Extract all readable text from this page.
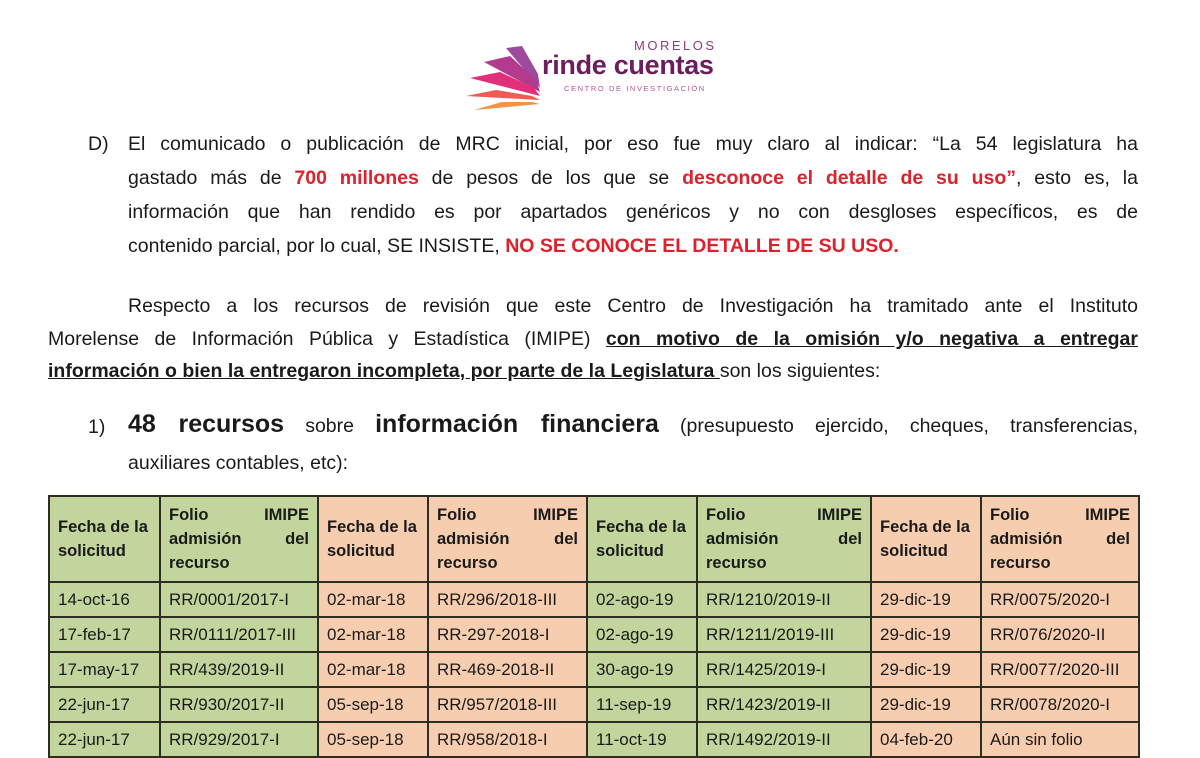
MORELOS
rinde cuentas
CENTRO DE INVESTIGACIÓN
D) El comunicado o publicación de MRC inicial, por eso fue muy claro al indicar: “La 54 legislatura ha
gastado más de 700 millones de pesos de los que se desconoce el detalle de su uso”, esto es, la
información que han rendido es por apartados genéricos y no con desgloses específicos, es de
contenido parcial, por lo cual, SE INSISTE, NO SE CONOCE EL DETALLE DE SU USO.
Respecto a los recursos de revisión que este Centro de Investigación ha tramitado ante el Instituto
Morelense de Información Pública y Estadística (IMIPE) con motivo de la omisión y/o negativa a entregar
información o bien la entregaron incompleta, por parte de la Legislatura son los siguientes:
1) 48 recursos sobre información financiera (presupuesto ejercido, cheques, transferencias,
auxiliares contables, etc):
Fecha de la solicitud	Folio IMIPE
admisión del
recurso	Fecha de la solicitud	Folio IMIPE
admisión del
recurso	Fecha de la solicitud	Folio IMIPE
admisión del
recurso	Fecha de la solicitud	Folio IMIPE
admisión del
recurso

14-oct-16	RR/0001/2017-I	02-mar-18	RR/296/2018-III	02-ago-19	RR/1210/2019-II	29-dic-19	RR/0075/2020-I
17-feb-17	RR/0111/2017-III	02-mar-18	RR-297-2018-I	02-ago-19	RR/1211/2019-III	29-dic-19	RR/076/2020-II
17-may-17	RR/439/2019-II	02-mar-18	RR-469-2018-II	30-ago-19	RR/1425/2019-I	29-dic-19	RR/0077/2020-III
22-jun-17	RR/930/2017-II	05-sep-18	RR/957/2018-III	11-sep-19	RR/1423/2019-II	29-dic-19	RR/0078/2020-I
22-jun-17	RR/929/2017-I	05-sep-18	RR/958/2018-I	11-oct-19	RR/1492/2019-II	04-feb-20	Aún sin folio
